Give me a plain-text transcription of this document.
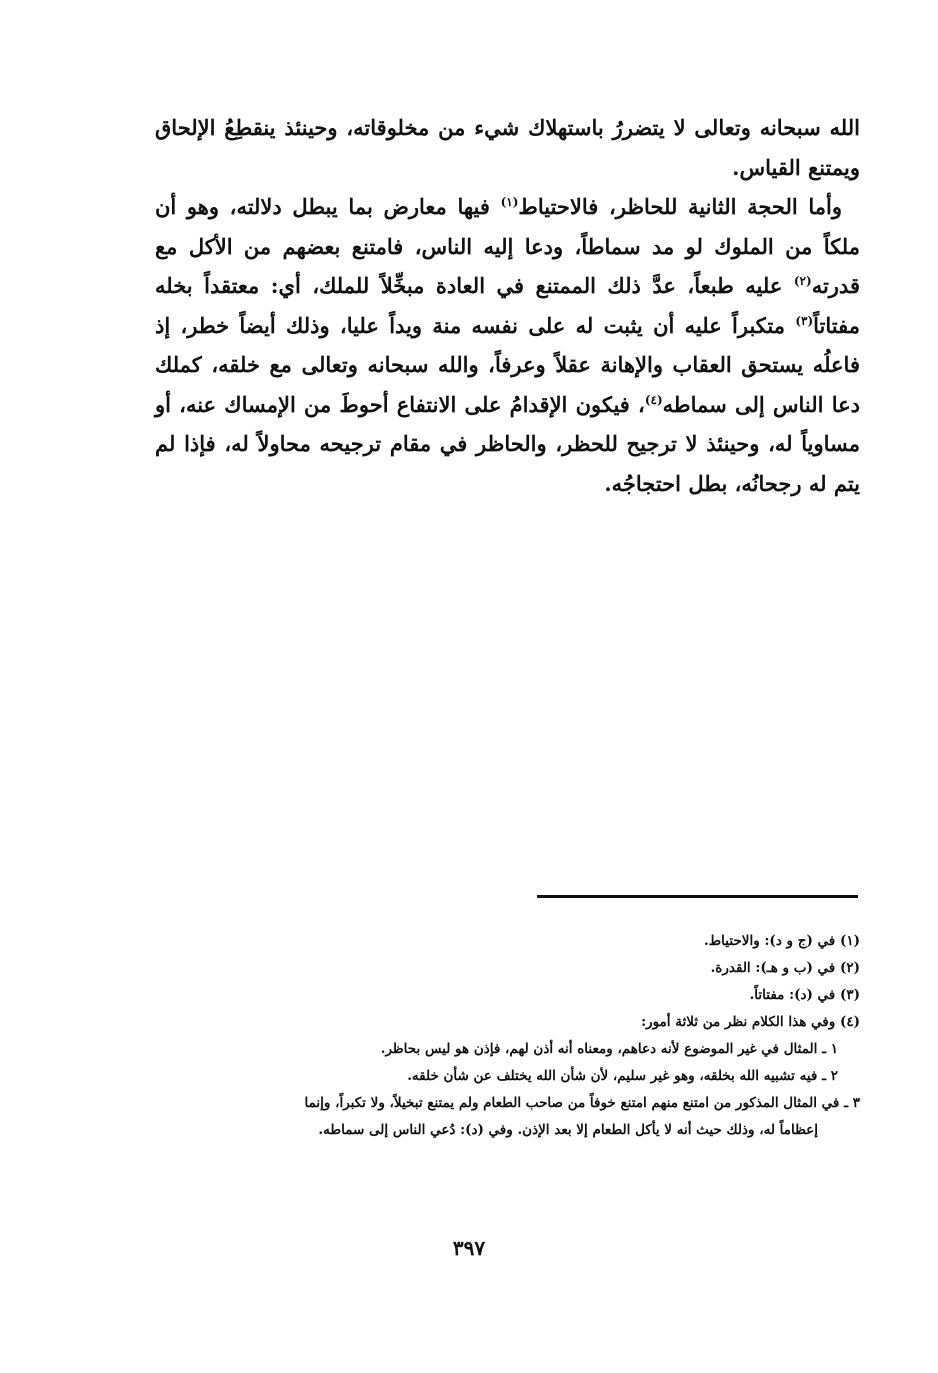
الله سبحانه وتعالى لا يتضررُ باستهلاك شيء من مخلوقاته، وحينئذ ينقطِعُ الإلحاق ويمتنع القياس.

وأما الحجة الثانية للحاظر، فالاحتياط$^{(١)}$ فيها معارض بما يبطل دلالته، وهو أن ملكاً من الملوك لو مد سماطاً، ودعا إليه الناس، فامتنع بعضهم من الأكل مع قدرته$^{(٢)}$ عليه طبعاً، عدَّ ذلك الممتنع في العادة مبخِّلاً للملك، أي: معتقداً بخله مفتاتاً$^{(٣)}$ متكبراً عليه أن يثبت له على نفسه منة ويداً عليا، وذلك أيضاً خطر، إذ فاعلُه يستحق العقاب والإهانة عقلاً وعرفاً، والله سبحانه وتعالى مع خلقه، كملك دعا الناس إلى سماطه$^{(٤)}$، فيكون الإقدامُ على الانتفاع أحوطَ من الإمساك عنه، أو مساوياً له، وحينئذ لا ترجيح للحظر، والحاظر في مقام ترجيحه محاولاً له، فإذا لم يتم له رجحانُه، بطل احتجاجُه.

(١) في (ج و د): والاحتياط.

(٢) في (ب و هـ): القدرة.

(٣) في (د): مفتاتاً.

(٤) وفي هذا الكلام نظر من ثلاثة أمور:

١ ـ المثال في غير الموضوع لأنه دعاهم، ومعناه أنه أذن لهم، فإذن هو ليس بحاظر.

٢ ـ فيه تشبيه الله بخلقه، وهو غير سليم، لأن شأن الله يختلف عن شأن خلقه.

٣ ـ في المثال المذكور من امتنع منهم امتنع خوفاً من صاحب الطعام ولم يمتنع تبخيلاً، ولا تكبراً، وإنما

إعظاماً له، وذلك حيث أنه لا يأكل الطعام إلا بعد الإذن. وفي (د): دُعي الناس إلى سماطه.

٣٩٧
